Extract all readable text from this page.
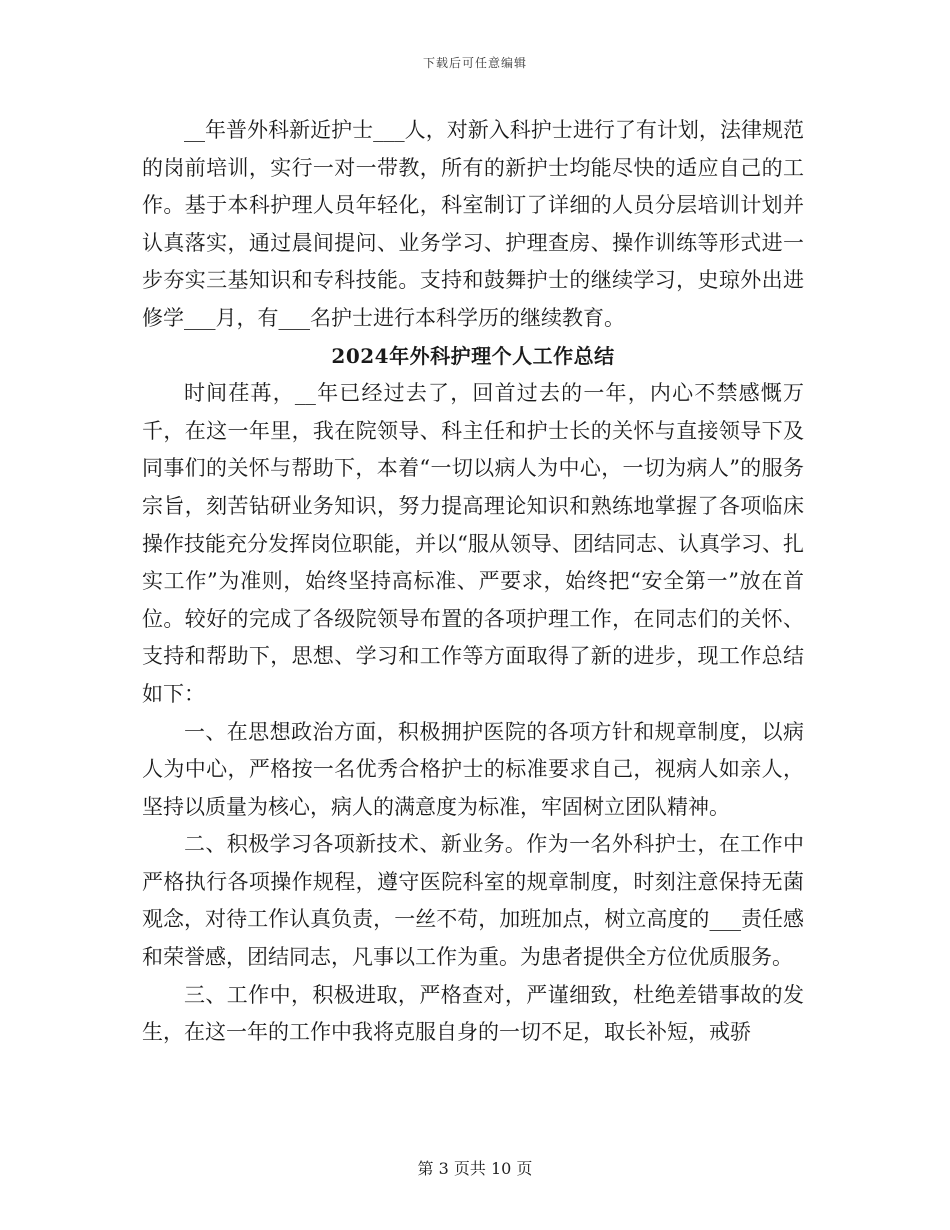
下载后可任意编辑

__年普外科新近护士___人，对新入科护士进行了有计划，法律规范的岗前培训，实行一对一带教，所有的新护士均能尽快的适应自己的工作。基于本科护理人员年轻化，科室制订了详细的人员分层培训计划并认真落实，通过晨间提问、业务学习、护理查房、操作训练等形式进一步夯实三基知识和专科技能。支持和鼓舞护士的继续学习，史琼外出进修学___月，有___名护士进行本科学历的继续教育。

2024年外科护理个人工作总结

时间荏苒，__年已经过去了，回首过去的一年，内心不禁感慨万千，在这一年里，我在院领导、科主任和护士长的关怀与直接领导下及同事们的关怀与帮助下，本着“一切以病人为中心，一切为病人”的服务宗旨，刻苦钻研业务知识，努力提高理论知识和熟练地掌握了各项临床操作技能充分发挥岗位职能，并以“服从领导、团结同志、认真学习、扎实工作”为准则，始终坚持高标准、严要求，始终把“安全第一”放在首位。较好的完成了各级院领导布置的各项护理工作，在同志们的关怀、支持和帮助下，思想、学习和工作等方面取得了新的进步，现工作总结如下：

一、在思想政治方面，积极拥护医院的各项方针和规章制度，以病人为中心，严格按一名优秀合格护士的标准要求自己，视病人如亲人，坚持以质量为核心，病人的满意度为标准，牢固树立团队精神。

二、积极学习各项新技术、新业务。作为一名外科护士，在工作中严格执行各项操作规程，遵守医院科室的规章制度，时刻注意保持无菌观念，对待工作认真负责，一丝不苟，加班加点，树立高度的___责任感和荣誉感，团结同志，凡事以工作为重。为患者提供全方位优质服务。

三、工作中，积极进取，严格查对，严谨细致，杜绝差错事故的发生，在这一年的工作中我将克服自身的一切不足，取长补短，戒骄

第 3 页共 10 页
